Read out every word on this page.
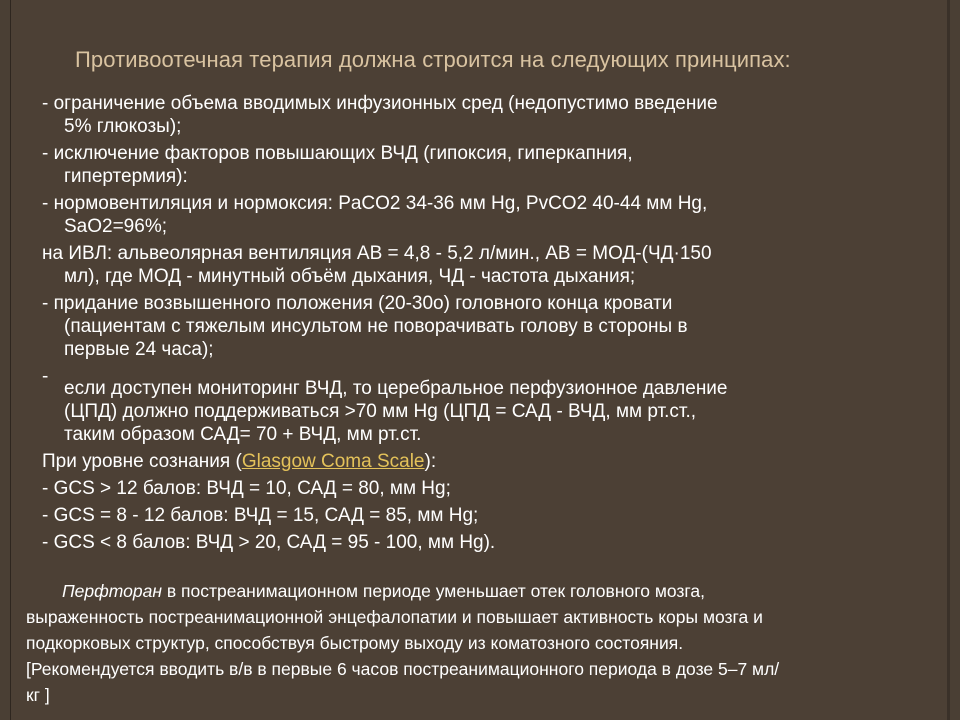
Противоотечная терапия должна строится на следующих принципах:
- ограничение объема вводимых инфузионных сред (недопустимо введение
5% глюкозы);
- исключение факторов повышающих ВЧД (гипоксия, гиперкапния,
гипертермия):
- нормовентиляция и нормоксия: PaCO2 34-36 мм Hg, PvCO2 40-44 мм Hg,
SaO2=96%;
на ИВЛ: альвеолярная вентиляция АВ = 4,8 - 5,2 л/мин., АВ = МОД-(ЧД·150
мл), где МОД - минутный объём дыхания, ЧД - частота дыхания;
- придание возвышенного положения (20-30о) головного конца кровати
(пациентам с тяжелым инсультом не поворачивать голову в стороны в
первые 24 часа);
-
если доступен мониторинг ВЧД, то церебральное перфузионное давление
(ЦПД) должно поддерживаться >70 мм Hg (ЦПД = САД - ВЧД, мм рт.ст.,
таким образом САД= 70 + ВЧД, мм рт.ст.
При уровне сознания (Glasgow Coma Scale):
- GCS > 12 балов: ВЧД = 10, САД = 80, мм Hg;
- GCS = 8 - 12 балов: ВЧД = 15, САД = 85, мм Hg;
- GCS < 8 балов: ВЧД > 20, САД = 95 - 100, мм Hg).
Перфторан в постреанимационном периоде уменьшает отек головного мозга,
выраженность постреанимационной энцефалопатии и повышает активность коры мозга и
подкорковых структур, способствуя быстрому выходу из коматозного состояния.
[Рекомендуется вводить в/в в первые 6 часов постреанимационного периода в дозе 5–7 мл/
кг ]
